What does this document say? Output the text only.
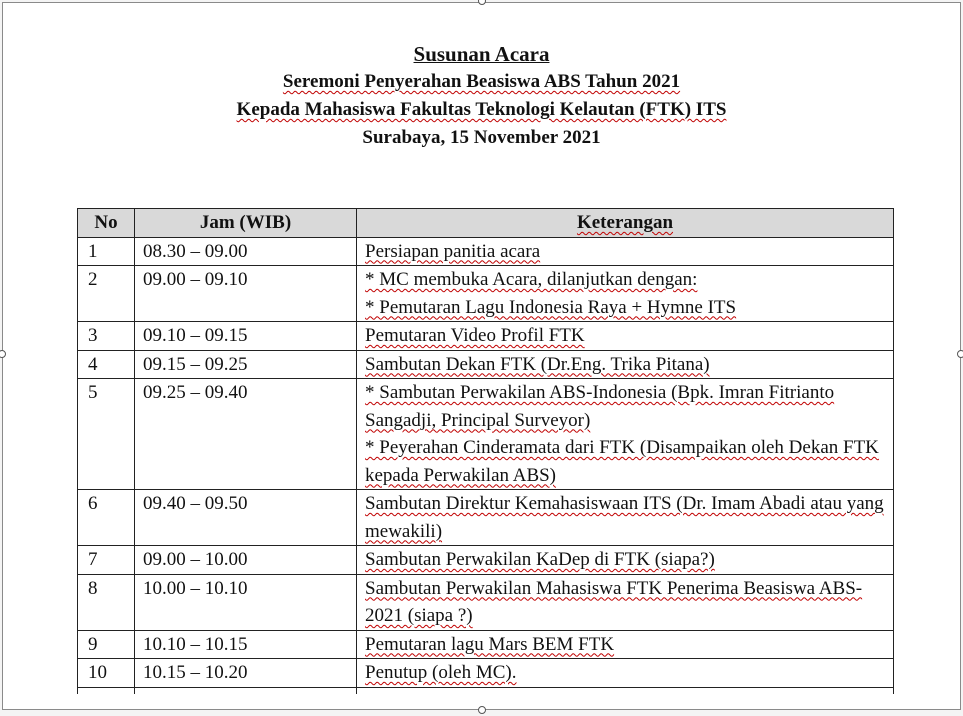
Susunan Acara
Seremoni Penyerahan Beasiswa ABS Tahun 2021
Kepada Mahasiswa Fakultas Teknologi Kelautan (FTK) ITS
Surabaya, 15 November 2021
No	Jam (WIB)	Keterangan
1	08.30 – 09.00	Persiapan panitia acara

2	09.00 – 09.10	* MC membuka Acara, dilanjutkan dengan:
* Pemutaran Lagu Indonesia Raya + Hymne ITS

3	09.10 – 09.15	Pemutaran Video Profil FTK

4	09.15 – 09.25	Sambutan Dekan FTK (Dr.Eng. Trika Pitana)

5	09.25 – 09.40	* Sambutan Perwakilan ABS-Indonesia (Bpk. Imran Fitrianto Sangadji, Principal Surveyor)
* Peyerahan Cinderamata dari FTK (Disampaikan oleh Dekan FTK kepada Perwakilan ABS)

6	09.40 – 09.50	Sambutan Direktur Kemahasiswaan ITS (Dr. Imam Abadi atau yang mewakili)

7	09.00 – 10.00	Sambutan Perwakilan KaDep di FTK (siapa?)

8	10.00 – 10.10	Sambutan Perwakilan Mahasiswa FTK Penerima Beasiswa ABS-2021 (siapa ?)

9	10.10 – 10.15	Pemutaran lagu Mars BEM FTK

10	10.15 – 10.20	Penutup (oleh MC).
